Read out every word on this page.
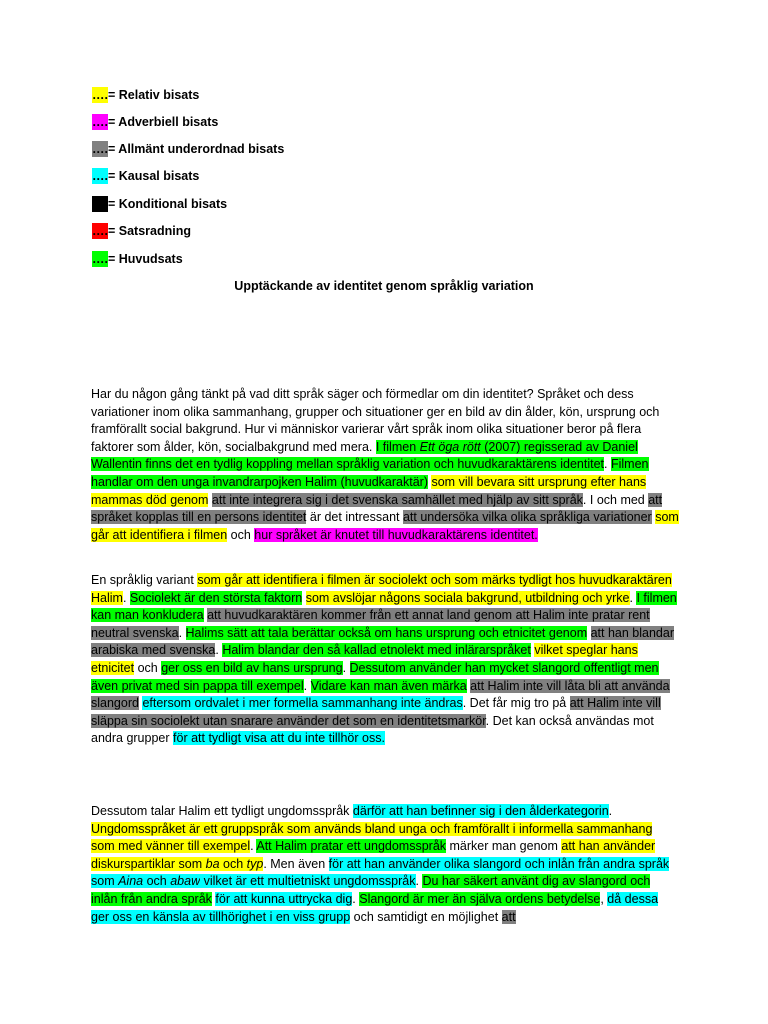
….= Relativ bisats
….= Adverbiell bisats
….= Allmänt underordnad bisats
….= Kausal bisats
….= Konditional bisats
….= Satsradning
….= Huvudsats
Upptäckande av identitet genom språklig variation
Har du någon gång tänkt på vad ditt språk säger och förmedlar om din identitet? Språket och dess variationer inom olika sammanhang, grupper och situationer ger en bild av din ålder, kön, ursprung och framförallt social bakgrund. Hur vi människor varierar vårt språk inom olika situationer beror på flera faktorer som ålder, kön, socialbakgrund med mera. I filmen Ett öga rött (2007) regisserad av Daniel Wallentin finns det en tydlig koppling mellan språklig variation och huvudkaraktärens identitet. Filmen handlar om den unga invandrarpojken Halim (huvudkaraktär) som vill bevara sitt ursprung efter hans mammas död genom att inte integrera sig i det svenska samhället med hjälp av sitt språk. I och med att språket kopplas till en persons identitet är det intressant att undersöka vilka olika språkliga variationer som går att identifiera i filmen och hur språket är knutet till huvudkaraktärens identitet.
En språklig variant som går att identifiera i filmen är sociolekt och som märks tydligt hos huvudkaraktären Halim. Sociolekt är den största faktorn som avslöjar någons sociala bakgrund, utbildning och yrke. I filmen kan man konkludera att huvudkaraktären kommer från ett annat land genom att Halim inte pratar rent neutral svenska. Halims sätt att tala berättar också om hans ursprung och etnicitet genom att han blandar arabiska med svenska. Halim blandar den så kallad etnolekt med inlärarspråket vilket speglar hans etnicitet och ger oss en bild av hans ursprung. Dessutom använder han mycket slangord offentligt men även privat med sin pappa till exempel. Vidare kan man även märka att Halim inte vill låta bli att använda slangord eftersom ordvalet i mer formella sammanhang inte ändras. Det får mig tro på att Halim inte vill släppa sin sociolekt utan snarare använder det som en identitetsmarkör. Det kan också användas mot andra grupper för att tydligt visa att du inte tillhör oss.
Dessutom talar Halim ett tydligt ungdomsspråk därför att han befinner sig i den ålderkategorin. Ungdomsspråket är ett gruppspråk som används bland unga och framförallt i informella sammanhang som med vänner till exempel. Att Halim pratar ett ungdomsspråk märker man genom att han använder diskurspartiklar som ba och typ. Men även för att han använder olika slangord och inlån från andra språk som Aina och abaw vilket är ett multietniskt ungdomsspråk. Du har säkert använt dig av slangord och inlån från andra språk för att kunna uttrycka dig. Slangord är mer än själva ordens betydelse, då dessa ger oss en känsla av tillhörighet i en viss grupp och samtidigt en möjlighet att
